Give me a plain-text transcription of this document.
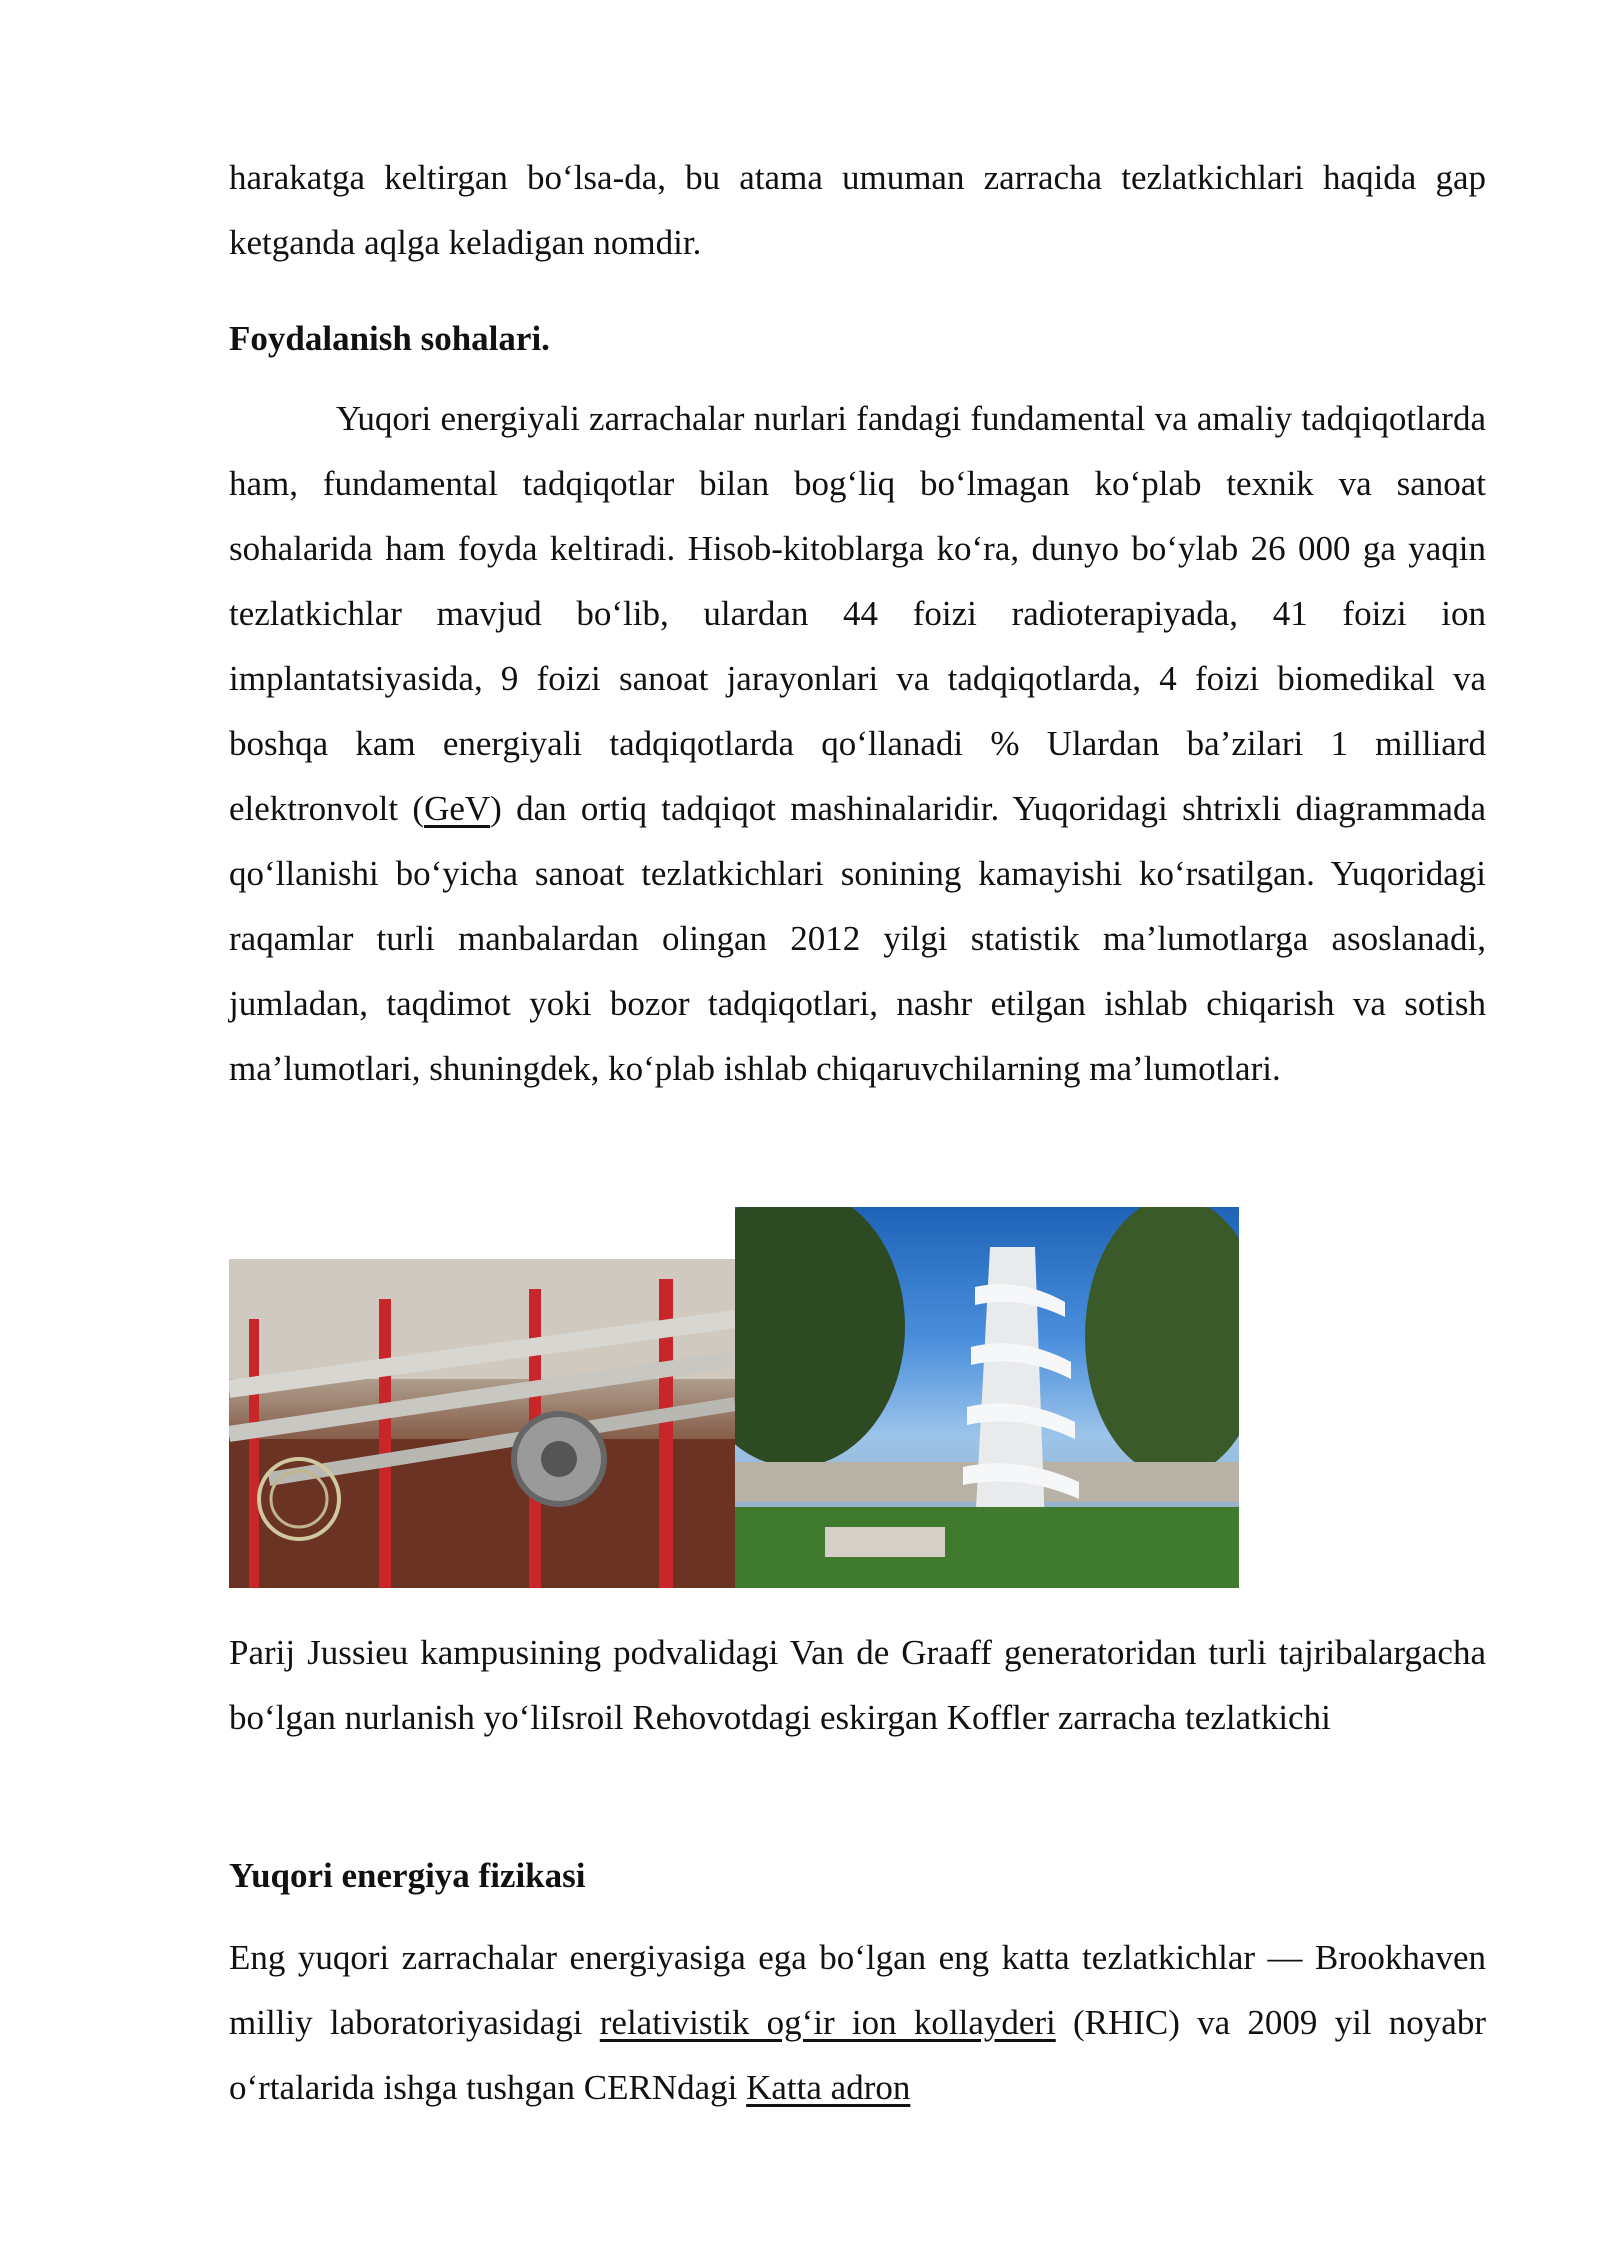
harakatga keltirgan bo‘lsa-da, bu atama umuman zarracha tezlatkichlari haqida gap ketganda aqlga keladigan nomdir.

Foydalanish sohalari.

Yuqori energiyali zarrachalar nurlari fandagi fundamental va amaliy tadqiqotlarda ham, fundamental tadqiqotlar bilan bog‘liq bo‘lmagan ko‘plab texnik va sanoat sohalarida ham foyda keltiradi. Hisob-kitoblarga ko‘ra, dunyo bo‘ylab 26 000 ga yaqin tezlatkichlar mavjud bo‘lib, ulardan 44 foizi radioterapiyada, 41 foizi ion implantatsiyasida, 9 foizi sanoat jarayonlari va tadqiqotlarda, 4 foizi biomedikal va boshqa kam energiyali tadqiqotlarda qo‘llanadi % Ulardan ba’zilari 1 milliard elektronvolt (GeV) dan ortiq tadqiqot mashinalaridir. Yuqoridagi shtrixli diagrammada qo‘llanishi bo‘yicha sanoat tezlatkichlari sonining kamayishi ko‘rsatilgan. Yuqoridagi raqamlar turli manbalardan olingan 2012 yilgi statistik ma’lumotlarga asoslanadi, jumladan, taqdimot yoki bozor tadqiqotlari, nashr etilgan ishlab chiqarish va sotish ma’lumotlari, shuningdek, ko‘plab ishlab chiqaruvchilarning ma’lumotlari.

Parij Jussieu kampusining podvalidagi Van de Graaff generatoridan turli tajribalargacha bo‘lgan nurlanish yo‘liIsroil Rehovotdagi eskirgan Koffler zarracha tezlatkichi

Yuqori energiya fizikasi

Eng yuqori zarrachalar energiyasiga ega bo‘lgan eng katta tezlatkichlar — Brookhaven milliy laboratoriyasidagi relativistik og‘ir ion kollayderi (RHIC) va 2009 yil noyabr o‘rtalarida ishga tushgan CERNdagi Katta adron
